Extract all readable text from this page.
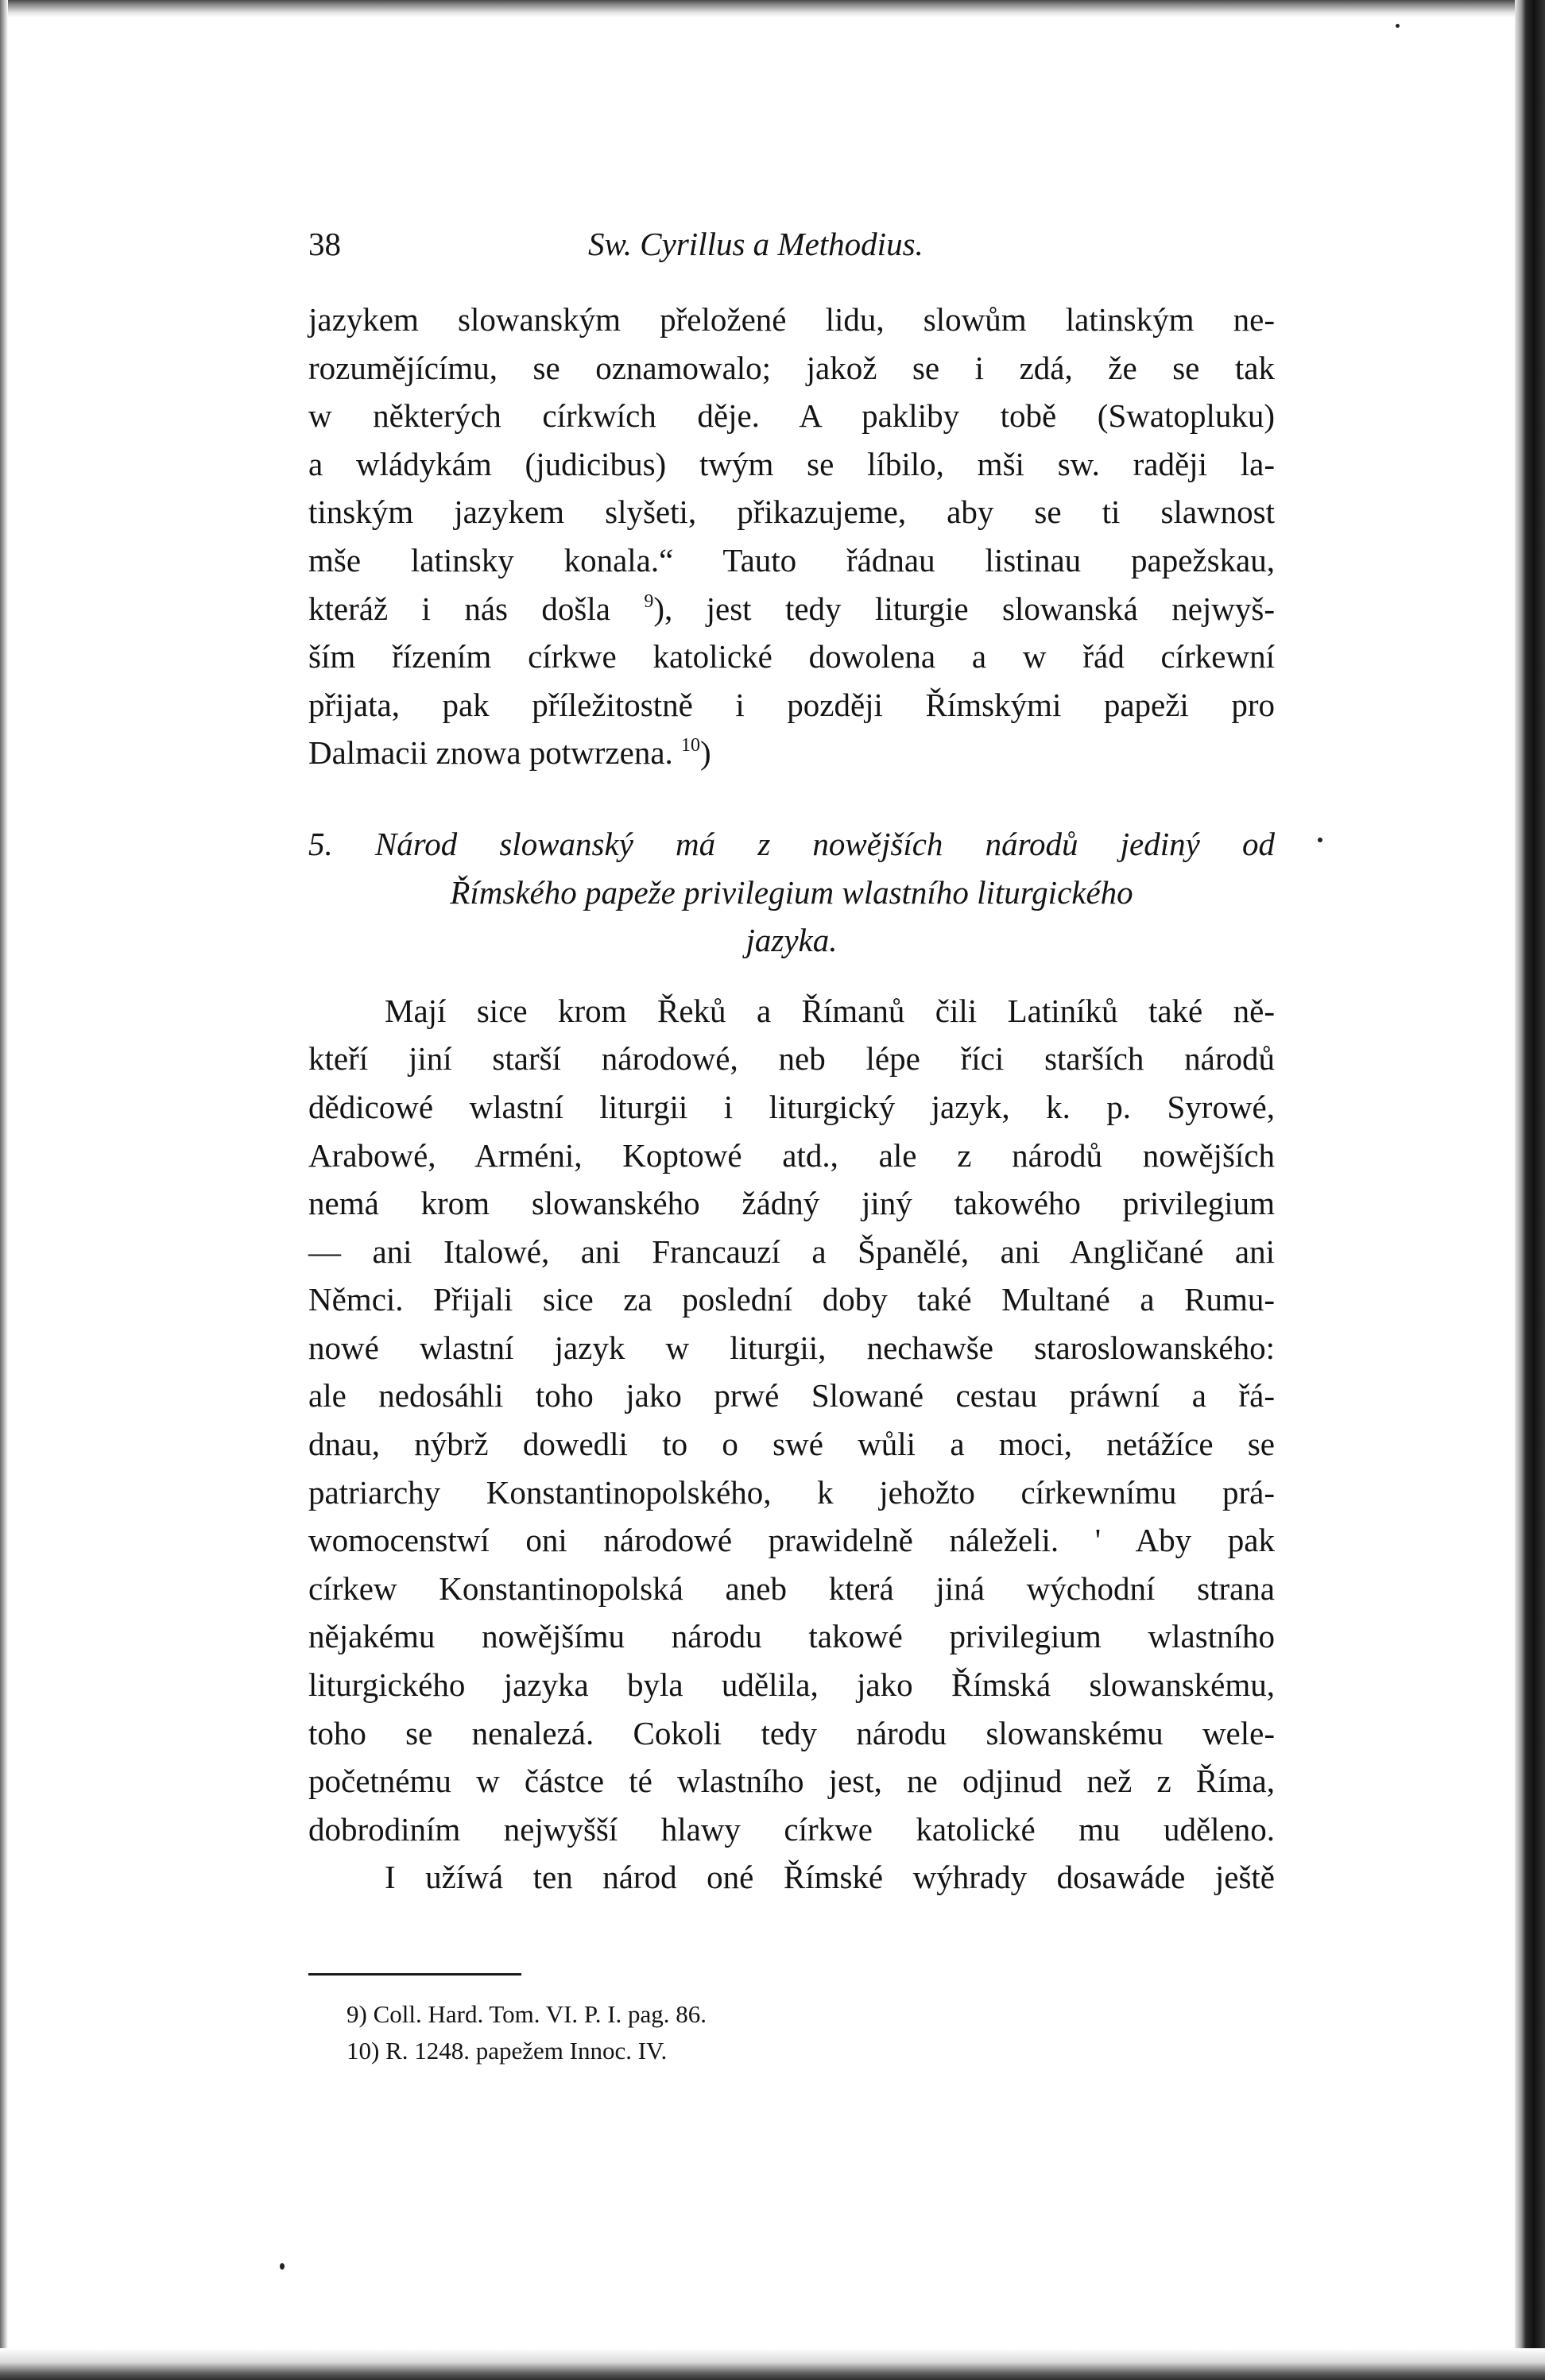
38	Sw. Cyrillus a Methodius.
jazykem slowanským přeložené lidu, slowům latinským ne-
rozumějícímu, se oznamowalo; jakož se i zdá, že se tak
w některých církwích děje. A pakliby tobě (Swatopluku)
a wládykám (judicibus) twým se líbilo, mši sw. raději la-
tinským jazykem slyšeti, přikazujeme, aby se ti slawnost
mše latinsky konala.“ Tauto řádnau listinau papežskau,
kteráž i nás došla $^9$), jest tedy liturgie slowanská nejwyš-
ším řízením církwe katolické dowolena a w řád církewní
přijata, pak příležitostně i později Římskými papeži pro
Dalmacii znowa potwrzena. $^{10}$)
5. Národ slowanský má z nowějších národů jediný od
Římského papeže privilegium wlastního liturgického
jazyka.
Mají sice krom Řeků a Římanů čili Latiníků také ně-
kteří jiní starší národowé, neb lépe říci starších národů
dědicowé wlastní liturgii i liturgický jazyk, k. p. Syrowé,
Arabowé, Arméni, Koptowé atd., ale z národů nowějších
nemá krom slowanského žádný jiný takowého privilegium
— ani Italowé, ani Francauzí a Španělé, ani Angličané ani
Němci. Přijali sice za poslední doby také Multané a Rumu-
nowé wlastní jazyk w liturgii, nechawše staroslowanského:
ale nedosáhli toho jako prwé Slowané cestau práwní a řá-
dnau, nýbrž dowedli to o swé wůli a moci, netážíce se
patriarchy Konstantinopolského, k jehožto církewnímu prá-
womocenstwí oni národowé prawidelně náleželi. ' Aby pak
církew Konstantinopolská aneb která jiná wýchodní strana
nějakému nowějšímu národu takowé privilegium wlastního
liturgického jazyka byla udělila, jako Římská slowanskému,
toho se nenalezá. Cokoli tedy národu slowanskému wele-
početnému w částce té wlastního jest, ne odjinud než z Říma,
dobrodiním nejwyšší hlawy církwe katolické mu uděleno.
I užíwá ten národ oné Římské wýhrady dosawáde ještě
9) Coll. Hard. Tom. VI. P. I. pag. 86.
10) R. 1248. papežem Innoc. IV.
